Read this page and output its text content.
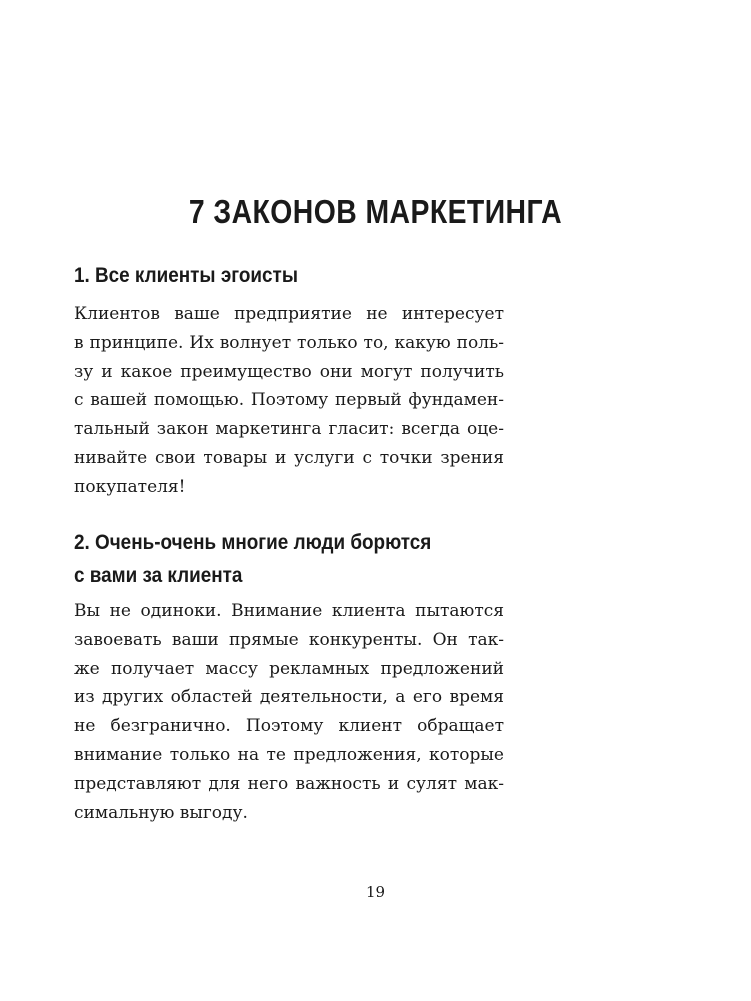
7 ЗАКОНОВ МАРКЕТИНГА
1. Все клиенты эгоисты
Клиентов ваше предприятие не интересует
в принципе. Их волнует только то, какую поль-
зу и какое преимущество они могут получить
с вашей помощью. Поэтому первый фундамен-
тальный закон маркетинга гласит: всегда оце-
нивайте свои товары и услуги с точки зрения
покупателя!
2. Очень-очень многие люди борются
с вами за клиента
Вы не одиноки. Внимание клиента пытаются
завоевать ваши прямые конкуренты. Он так-
же получает массу рекламных предложений
из других областей деятельности, а его время
не безгранично. Поэтому клиент обращает
внимание только на те предложения, которые
представляют для него важность и сулят мак-
симальную выгоду.
19
